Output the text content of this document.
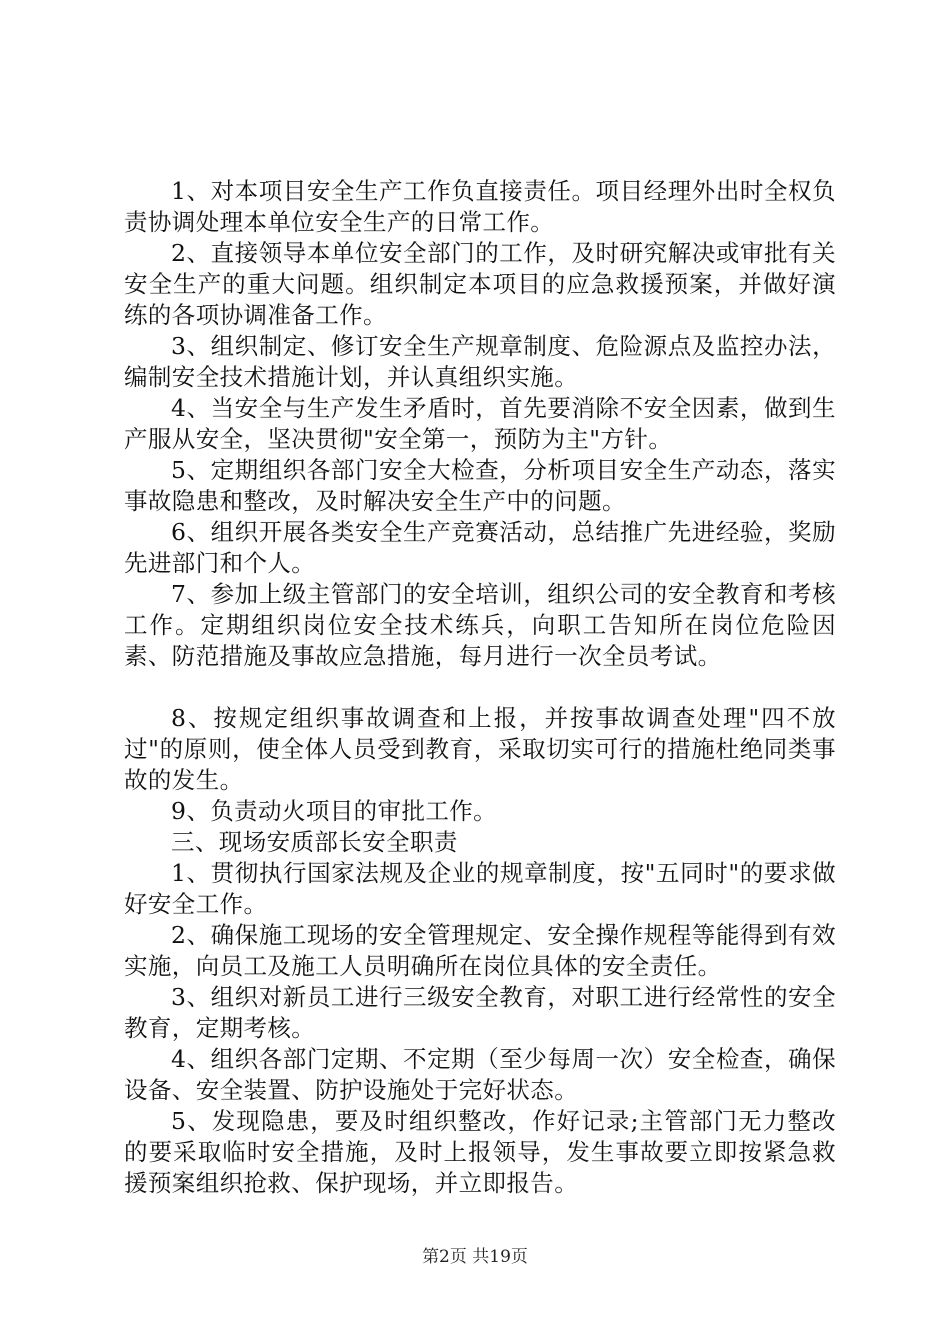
1、对本项目安全生产工作负直接责任。项目经理外出时全权负责协调处理本单位安全生产的日常工作。

2、直接领导本单位安全部门的工作，及时研究解决或审批有关安全生产的重大问题。组织制定本项目的应急救援预案，并做好演练的各项协调准备工作。

3、组织制定、修订安全生产规章制度、危险源点及监控办法，编制安全技术措施计划，并认真组织实施。

4、当安全与生产发生矛盾时，首先要消除不安全因素，做到生产服从安全，坚决贯彻"安全第一，预防为主"方针。

5、定期组织各部门安全大检查，分析项目安全生产动态，落实事故隐患和整改，及时解决安全生产中的问题。

6、组织开展各类安全生产竞赛活动，总结推广先进经验，奖励先进部门和个人。

7、参加上级主管部门的安全培训，组织公司的安全教育和考核工作。定期组织岗位安全技术练兵，向职工告知所在岗位危险因素、防范措施及事故应急措施，每月进行一次全员考试。

8、按规定组织事故调查和上报，并按事故调查处理"四不放过"的原则，使全体人员受到教育，采取切实可行的措施杜绝同类事故的发生。

9、负责动火项目的审批工作。

三、现场安质部长安全职责

1、贯彻执行国家法规及企业的规章制度，按"五同时"的要求做好安全工作。

2、确保施工现场的安全管理规定、安全操作规程等能得到有效实施，向员工及施工人员明确所在岗位具体的安全责任。

3、组织对新员工进行三级安全教育，对职工进行经常性的安全教育，定期考核。

4、组织各部门定期、不定期（至少每周一次）安全检查，确保设备、安全装置、防护设施处于完好状态。

5、发现隐患，要及时组织整改，作好记录;主管部门无力整改的要采取临时安全措施，及时上报领导，发生事故要立即按紧急救援预案组织抢救、保护现场，并立即报告。

第2页 共19页
